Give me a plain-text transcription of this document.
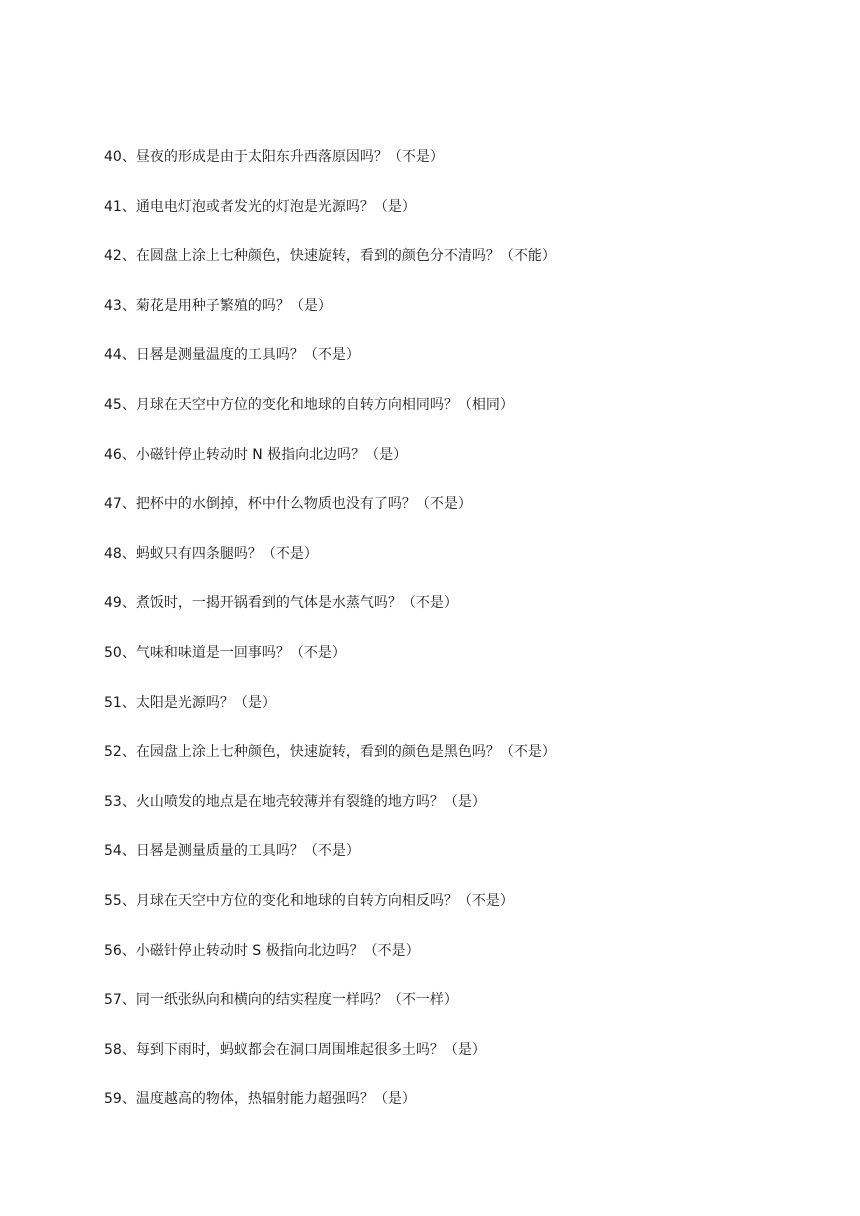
40、昼夜的形成是由于太阳东升西落原因吗？（不是）
41、通电电灯泡或者发光的灯泡是光源吗？（是）
42、在圆盘上涂上七种颜色，快速旋转，看到的颜色分不清吗？（不能）
43、菊花是用种子繁殖的吗？（是）
44、日晷是测量温度的工具吗？（不是）
45、月球在天空中方位的变化和地球的自转方向相同吗？（相同）
46、小磁针停止转动时 N 极指向北边吗？（是）
47、把杯中的水倒掉，杯中什么物质也没有了吗？（不是）
48、蚂蚁只有四条腿吗？（不是）
49、煮饭时，一揭开锅看到的气体是水蒸气吗？（不是）
50、气味和味道是一回事吗？（不是）
51、太阳是光源吗？（是）
52、在园盘上涂上七种颜色，快速旋转，看到的颜色是黑色吗？（不是）
53、火山喷发的地点是在地壳较薄并有裂缝的地方吗？（是）
54、日晷是测量质量的工具吗？（不是）
55、月球在天空中方位的变化和地球的自转方向相反吗？（不是）
56、小磁针停止转动时 S 极指向北边吗？（不是）
57、同一纸张纵向和横向的结实程度一样吗？（不一样）
58、每到下雨时，蚂蚁都会在洞口周围堆起很多土吗？（是）
59、温度越高的物体，热辐射能力超强吗？（是）
